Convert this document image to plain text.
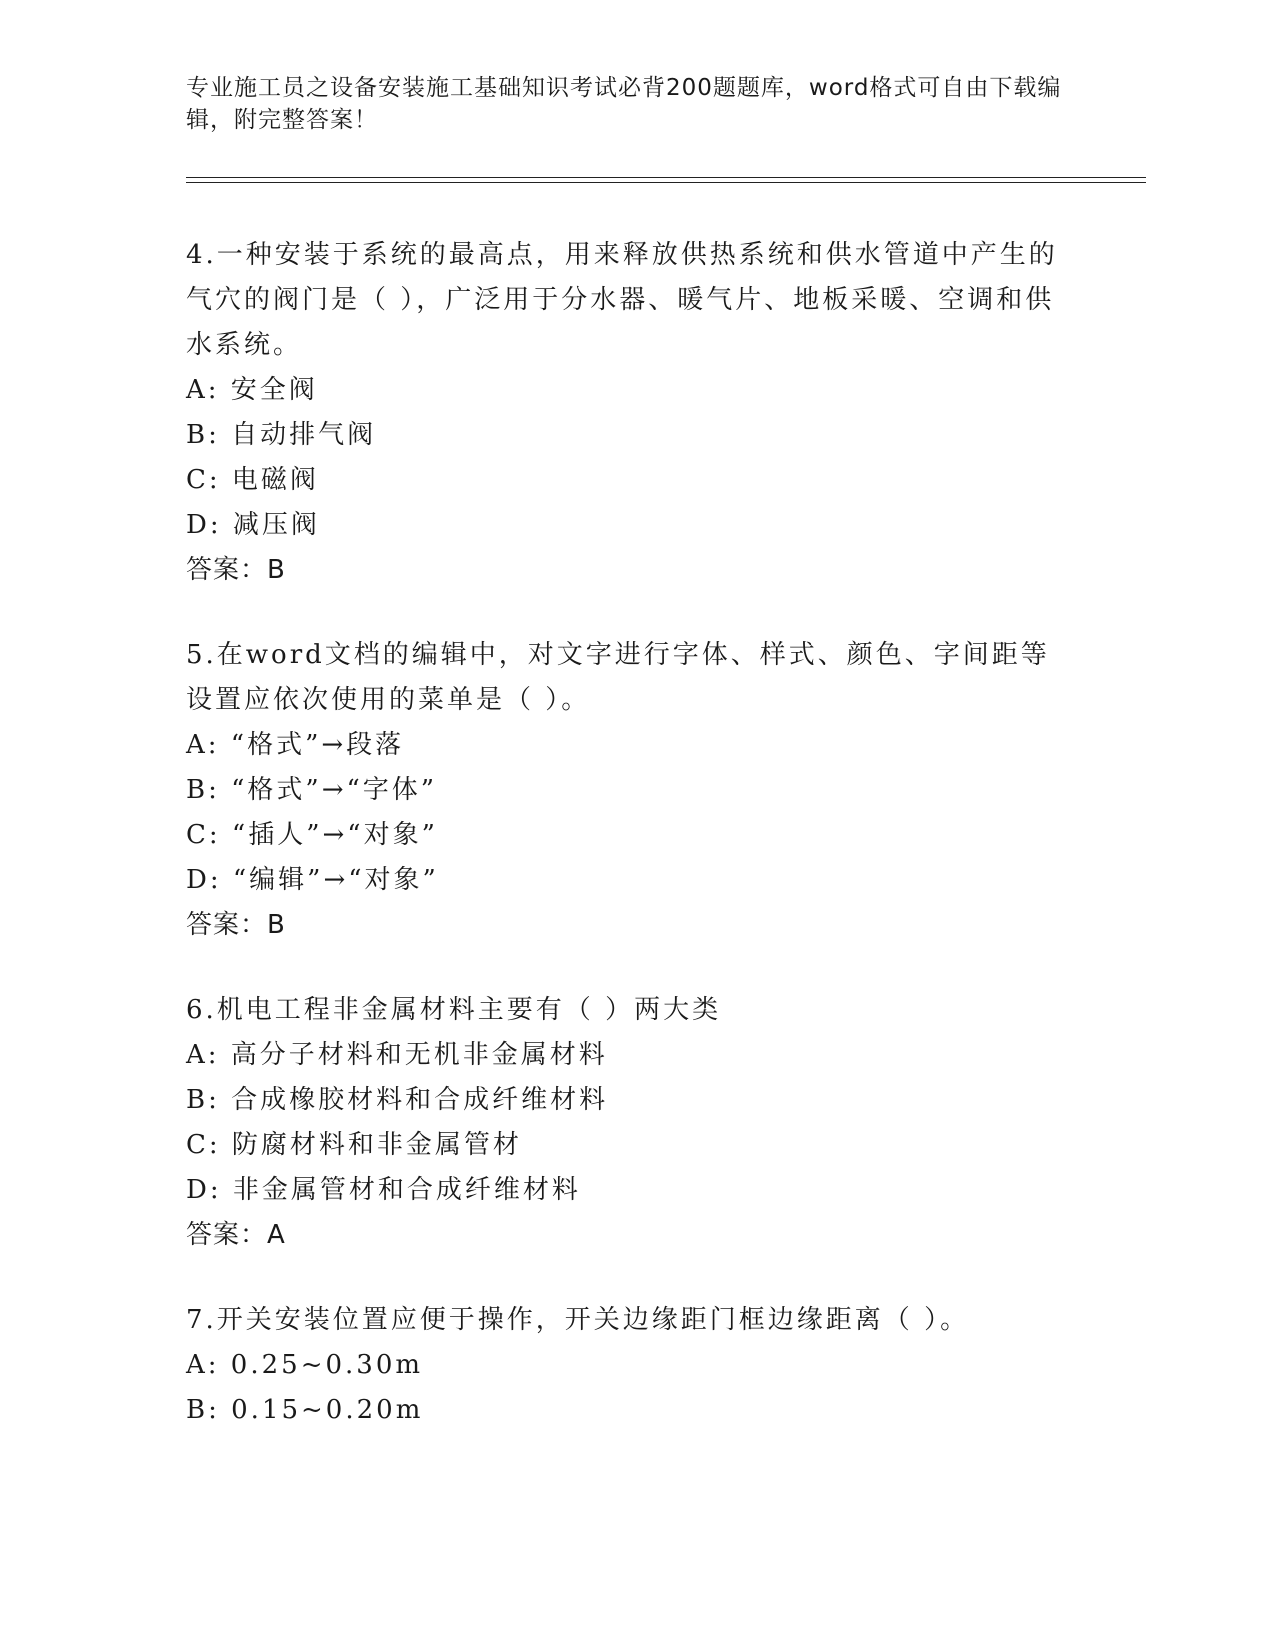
专业施工员之设备安装施工基础知识考试必背200题题库，word格式可自由下载编辑，附完整答案！
4.一种安装于系统的最高点，用来释放供热系统和供水管道中产生的气穴的阀门是（ ），广泛用于分水器、暖气片、地板采暖、空调和供水系统。
A: 安全阀
B: 自动排气阀
C: 电磁阀
D: 减压阀
答案：B
5.在word文档的编辑中，对文字进行字体、样式、颜色、字间距等设置应依次使用的菜单是（ ）。
A: “格式”→段落
B: “格式”→“字体”
C: “插人”→“对象”
D: “编辑”→“对象”
答案：B
6.机电工程非金属材料主要有（ ）两大类
A: 高分子材料和无机非金属材料
B: 合成橡胶材料和合成纤维材料
C: 防腐材料和非金属管材
D: 非金属管材和合成纤维材料
答案：A
7.开关安装位置应便于操作，开关边缘距门框边缘距离（ ）。
A: 0.25~0.30m
B: 0.15~0.20m
